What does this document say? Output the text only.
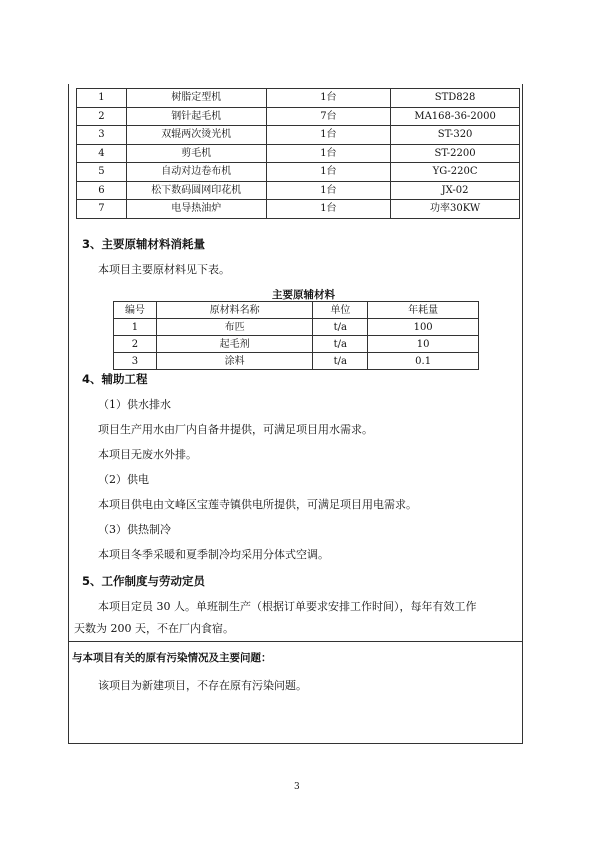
1	树脂定型机	1台	STD828
2	钢针起毛机	7台	MA168-36-2000
3	双辊两次烫光机	1台	ST-320
4	剪毛机	1台	ST-2200
5	自动对边卷布机	1台	YG-220C
6	松下数码圆网印花机	1台	JX-02
7	电导热油炉	1台	功率30KW
3、主要原辅材料消耗量
本项目主要原材料见下表。
主要原辅材料
编号	原材料名称	单位	年耗量
1	布匹	t/a	100
2	起毛剂	t/a	10
3	涂料	t/a	0.1
4、辅助工程
（1）供水排水
项目生产用水由厂内自备井提供，可满足项目用水需求。
本项目无废水外排。
（2）供电
本项目供电由文峰区宝莲寺镇供电所提供，可满足项目用电需求。
（3）供热制冷
本项目冬季采暖和夏季制冷均采用分体式空调。
5、工作制度与劳动定员
本项目定员 30 人。单班制生产（根据订单要求安排工作时间），每年有效工作
天数为 200 天，不在厂内食宿。
与本项目有关的原有污染情况及主要问题：
该项目为新建项目，不存在原有污染问题。
3
